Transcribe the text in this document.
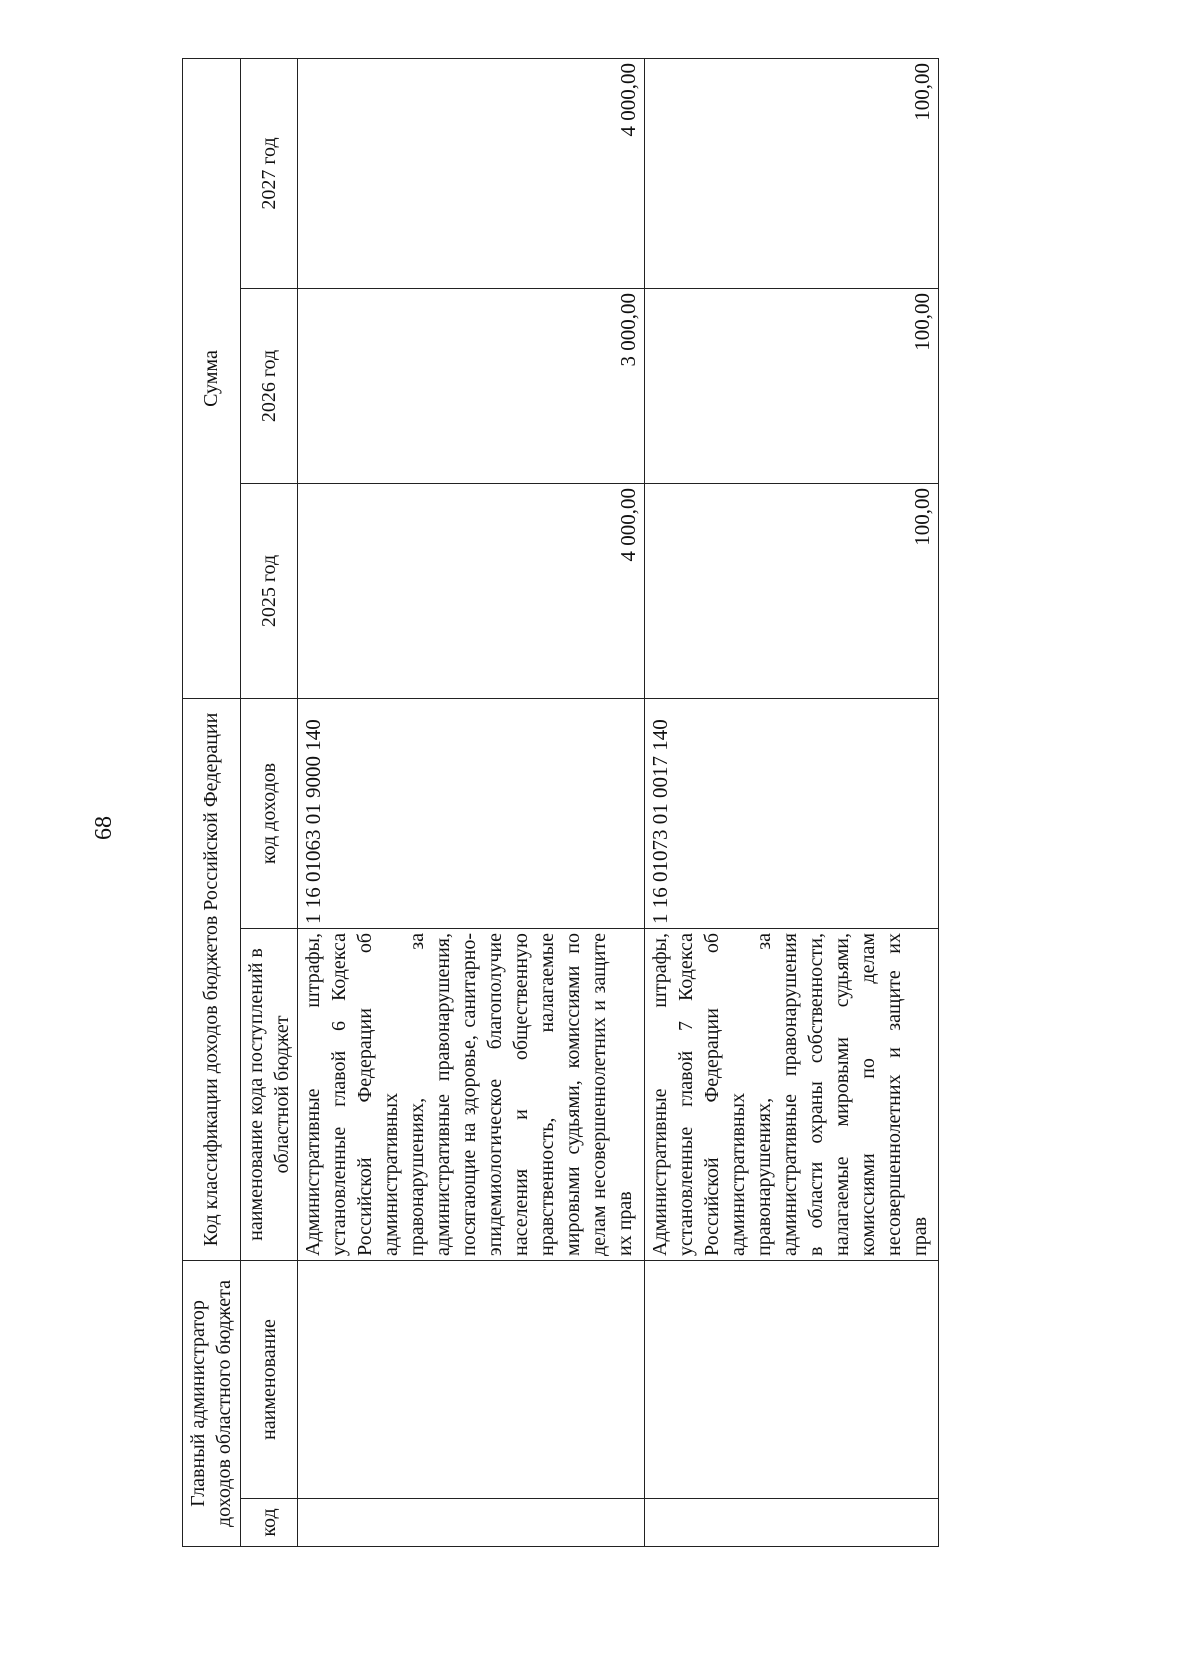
68
Главный администратор доходов областного бюджета		Код классификации доходов бюджетов Российской Федерации		Сумма		
код	наименование	наименование кода поступлений в областной бюджет	код доходов	2025 год	2026 год	2027 год
		Административные штрафы, установленные главой 6 Кодекса Российской Федерации об административных правонарушениях, за административные правонарушения, посягающие на здоровье, санитарно-эпидемиологическое благополучие населения и общественную нравственность, налагаемые мировыми судьями, комиссиями по делам несовершеннолетних и защите их прав	1 16 01063 01 9000 140	4 000,00	3 000,00	4 000,00
		Административные штрафы, установленные главой 7 Кодекса Российской Федерации об административных правонарушениях, за административные правонарушения в области охраны собственности, налагаемые мировыми судьями, комиссиями по делам несовершеннолетних и защите их прав	1 16 01073 01 0017 140	100,00	100,00	100,00
